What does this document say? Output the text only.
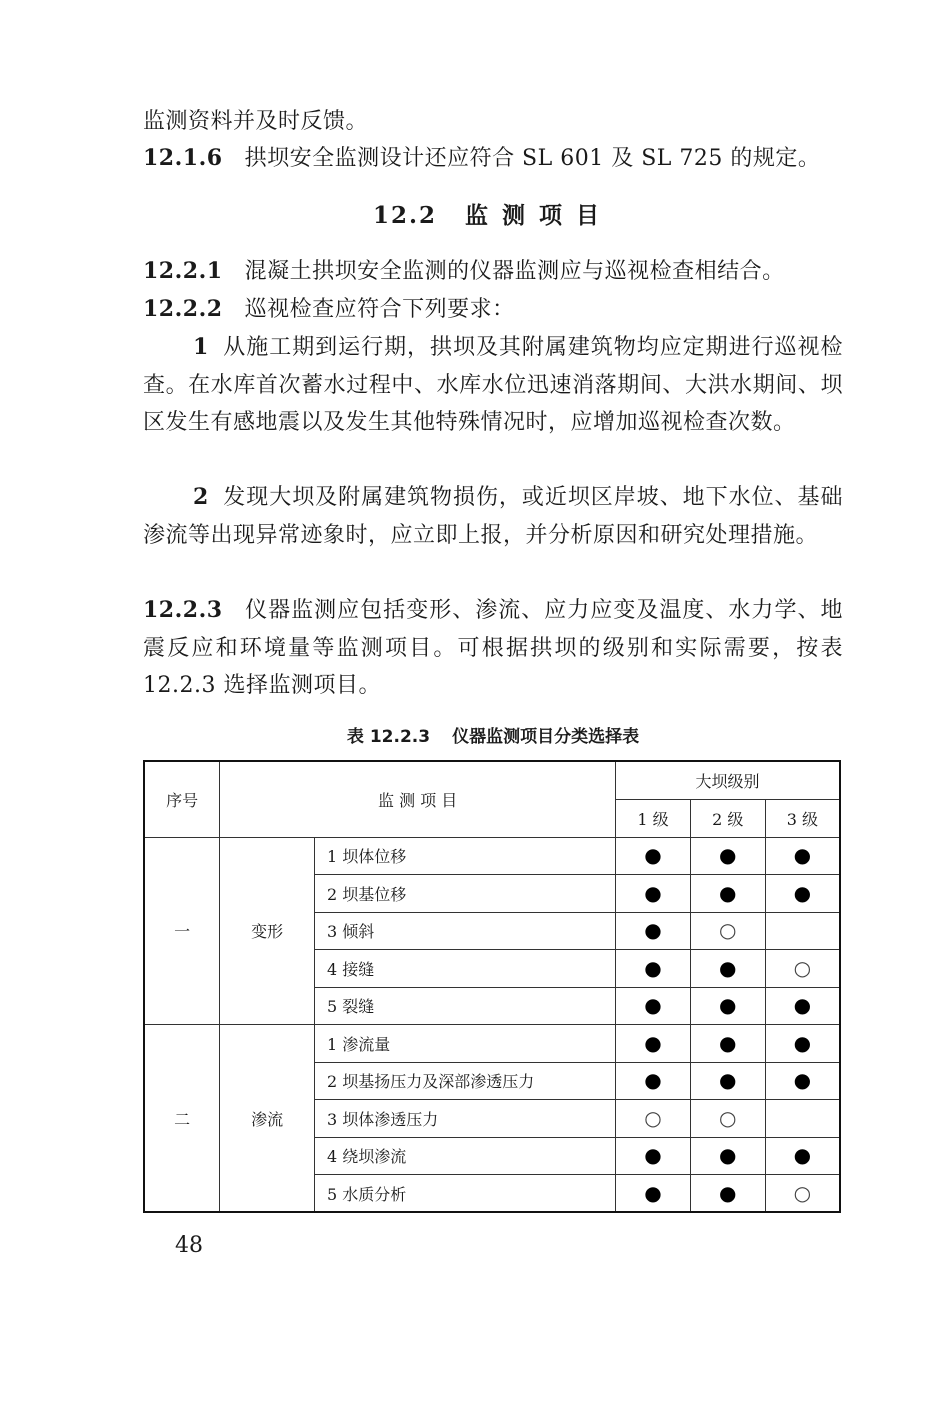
监测资料并及时反馈。

12.1.6 拱坝安全监测设计还应符合 SL 601 及 SL 725 的规定。

12.2 监测项目

12.2.1 混凝土拱坝安全监测的仪器监测应与巡视检查相结合。

12.2.2 巡视检查应符合下列要求：

1 从施工期到运行期，拱坝及其附属建筑物均应定期进行巡视检查。在水库首次蓄水过程中、水库水位迅速消落期间、大洪水期间、坝区发生有感地震以及发生其他特殊情况时，应增加巡视检查次数。

2 发现大坝及附属建筑物损伤，或近坝区岸坡、地下水位、基础渗流等出现异常迹象时，应立即上报，并分析原因和研究处理措施。

12.2.3 仪器监测应包括变形、渗流、应力应变及温度、水力学、地震反应和环境量等监测项目。可根据拱坝的级别和实际需要，按表 12.2.3 选择监测项目。

表 12.2.3 仪器监测项目分类选择表
序号	监 测 项 目		大坝级别		
			1 级	2 级	3 级
一	变形	1 坝体位移	●	●	●
		2 坝基位移	●	●	●
		3 倾斜	●	○	
		4 接缝	●	●	○
		5 裂缝	●	●	●
二	渗流	1 渗流量	●	●	●
		2 坝基扬压力及深部渗透压力	●	●	●
		3 坝体渗透压力	○	○	
		4 绕坝渗流	●	●	●
		5 水质分析	●	●	○
48
